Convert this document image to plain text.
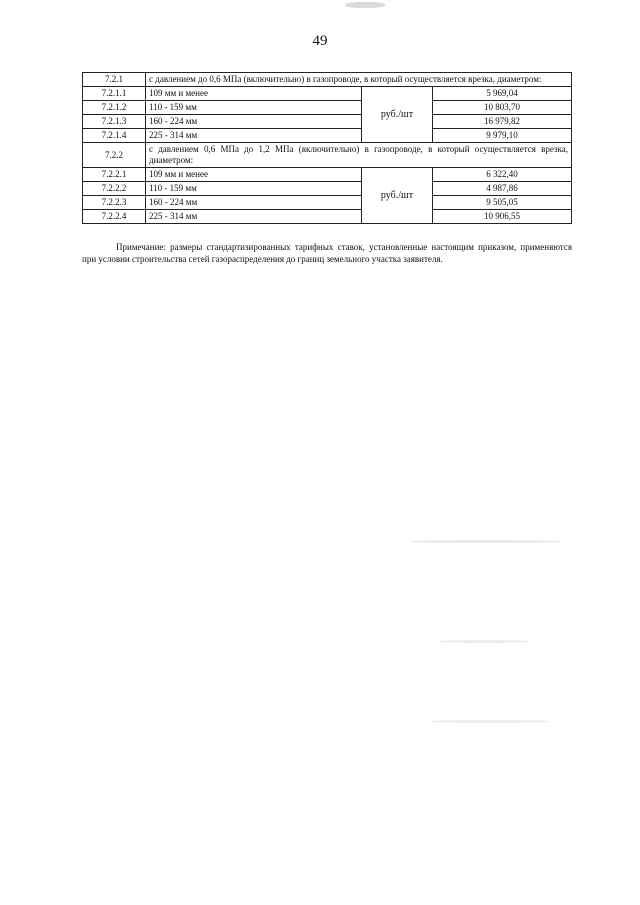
49
7.2.1	с давлением до 0,6 МПа (включительно) в газопроводе, в который осуществляется врезка, диаметром:		
7.2.1.1	109 мм и менее	руб./шт	5 969,04
7.2.1.2	110 - 159 мм		10 803,70
7.2.1.3	160 - 224 мм		16 979,82
7.2.1.4	225 - 314 мм		9 979,10
7.2.2	с давлением 0,6 МПа до 1,2 МПа (включительно) в газопроводе, в который осуществляется врезка, диаметром:		
7.2.2.1	109 мм и менее	руб./шт	6 322,40
7.2.2.2	110 - 159 мм		4 987,86
7.2.2.3	160 - 224 мм		9 505,05
7.2.2.4	225 - 314 мм		10 906,55
Примечание: размеры стандартизированных тарифных ставок, установленные настоящим приказом, применяются при условии строительства сетей газораспределения до границ земельного участка заявителя.
